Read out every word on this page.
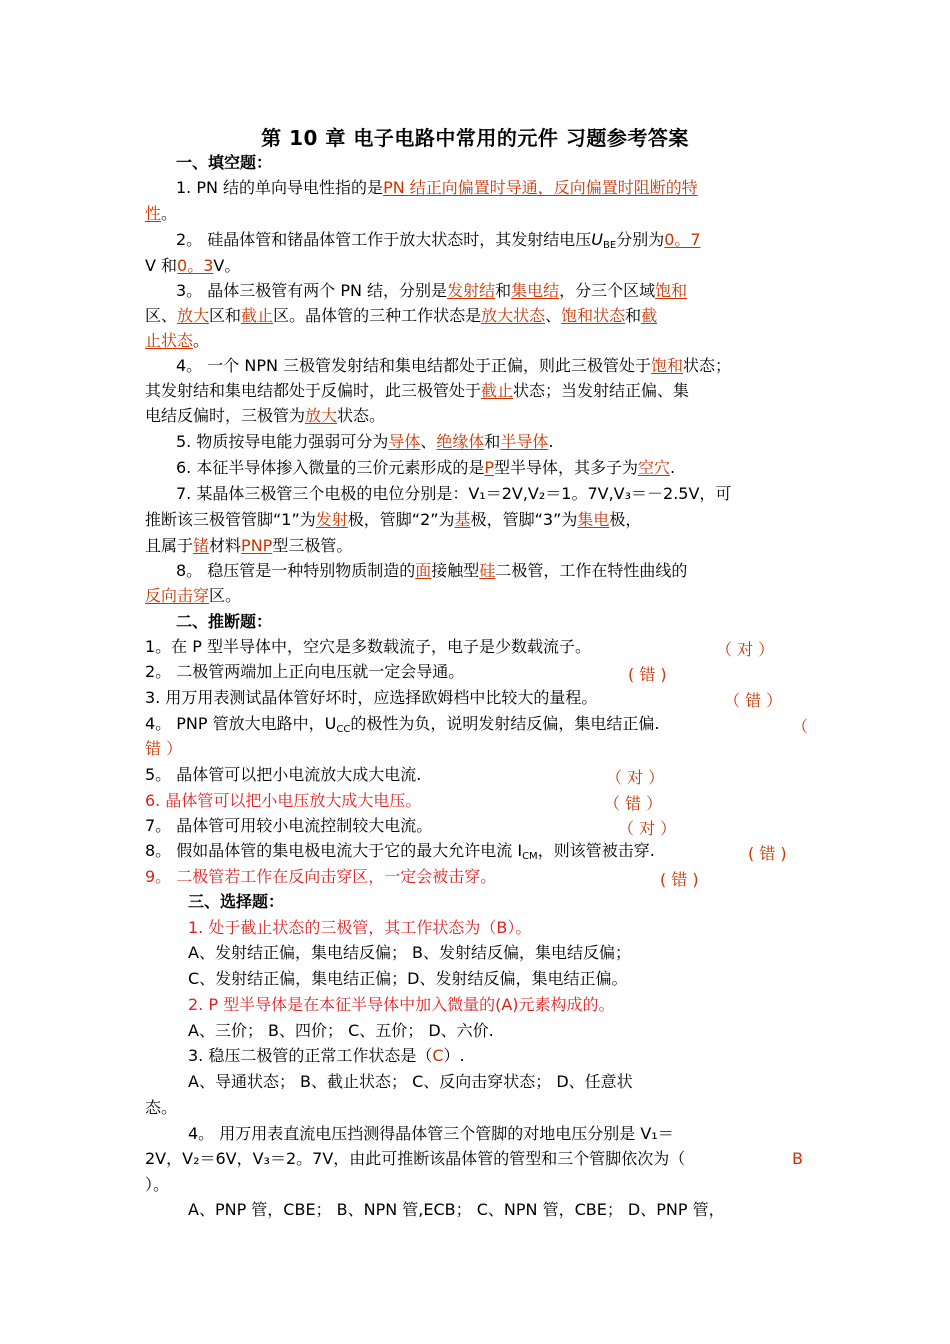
第 10 章 电子电路中常用的元件 习题参考答案
一、填空题：
1. PN 结的单向导电性指的是PN 结正向偏置时导通，反向偏置时阻断的特
性。
2。 硅晶体管和锗晶体管工作于放大状态时，其发射结电压$U_{BE}$分别为0。7
V 和0。3V。
3。 晶体三极管有两个 PN 结，分别是发射结和集电结，分三个区域饱和
区、放大区和截止区。晶体管的三种工作状态是放大状态、饱和状态和截
止状态。
4。 一个 NPN 三极管发射结和集电结都处于正偏，则此三极管处于饱和状态；
其发射结和集电结都处于反偏时，此三极管处于截止状态；当发射结正偏、集
电结反偏时，三极管为放大状态。
5. 物质按导电能力强弱可分为导体、绝缘体和半导体.
6. 本征半导体掺入微量的三价元素形成的是P型半导体，其多子为空穴.
7. 某晶体三极管三个电极的电位分别是：V₁＝2V,V₂＝1。7V,V₃＝－2.5V，可
推断该三极管管脚“1”为发射极，管脚“2”为基极，管脚“3”为集电极，
且属于锗材料PNP型三极管。
8。 稳压管是一种特别物质制造的面接触型硅二极管，工作在特性曲线的
反向击穿区。
二、推断题：
1。在 P 型半导体中，空穴是多数载流子，电子是少数载流子。	（ 对 ）
2。 二极管两端加上正向电压就一定会导通。	( 错 )
3. 用万用表测试晶体管好坏时，应选择欧姆档中比较大的量程。	（ 错 ）
4。 PNP 管放大电路中，$U_{CC}$的极性为负，说明发射结反偏，集电结正偏.	（
错 ）
5。 晶体管可以把小电流放大成大电流.	（ 对 ）
6. 晶体管可以把小电压放大成大电压。	（ 错 ）
7。 晶体管可用较小电流控制较大电流。	（ 对 ）
8。 假如晶体管的集电极电流大于它的最大允许电流 $I_{CM}$，则该管被击穿.	( 错 )
9。 二极管若工作在反向击穿区，一定会被击穿。	( 错 )
三、选择题：
1. 处于截止状态的三极管，其工作状态为（B）。
A、发射结正偏，集电结反偏； B、发射结反偏，集电结反偏；
C、发射结正偏，集电结正偏；D、发射结反偏，集电结正偏。
2. P 型半导体是在本征半导体中加入微量的(A)元素构成的。
A、三价； B、四价； C、五价； D、六价.
3. 稳压二极管的正常工作状态是（C）.
A、导通状态； B、截止状态； C、反向击穿状态； D、任意状
态。
4。 用万用表直流电压挡测得晶体管三个管脚的对地电压分别是 V₁＝
2V，V₂＝6V，V₃＝2。7V，由此可推断该晶体管的管型和三个管脚依次为（	B
）。
A、PNP 管，CBE； B、NPN 管,ECB； C、NPN 管，CBE； D、PNP 管，
